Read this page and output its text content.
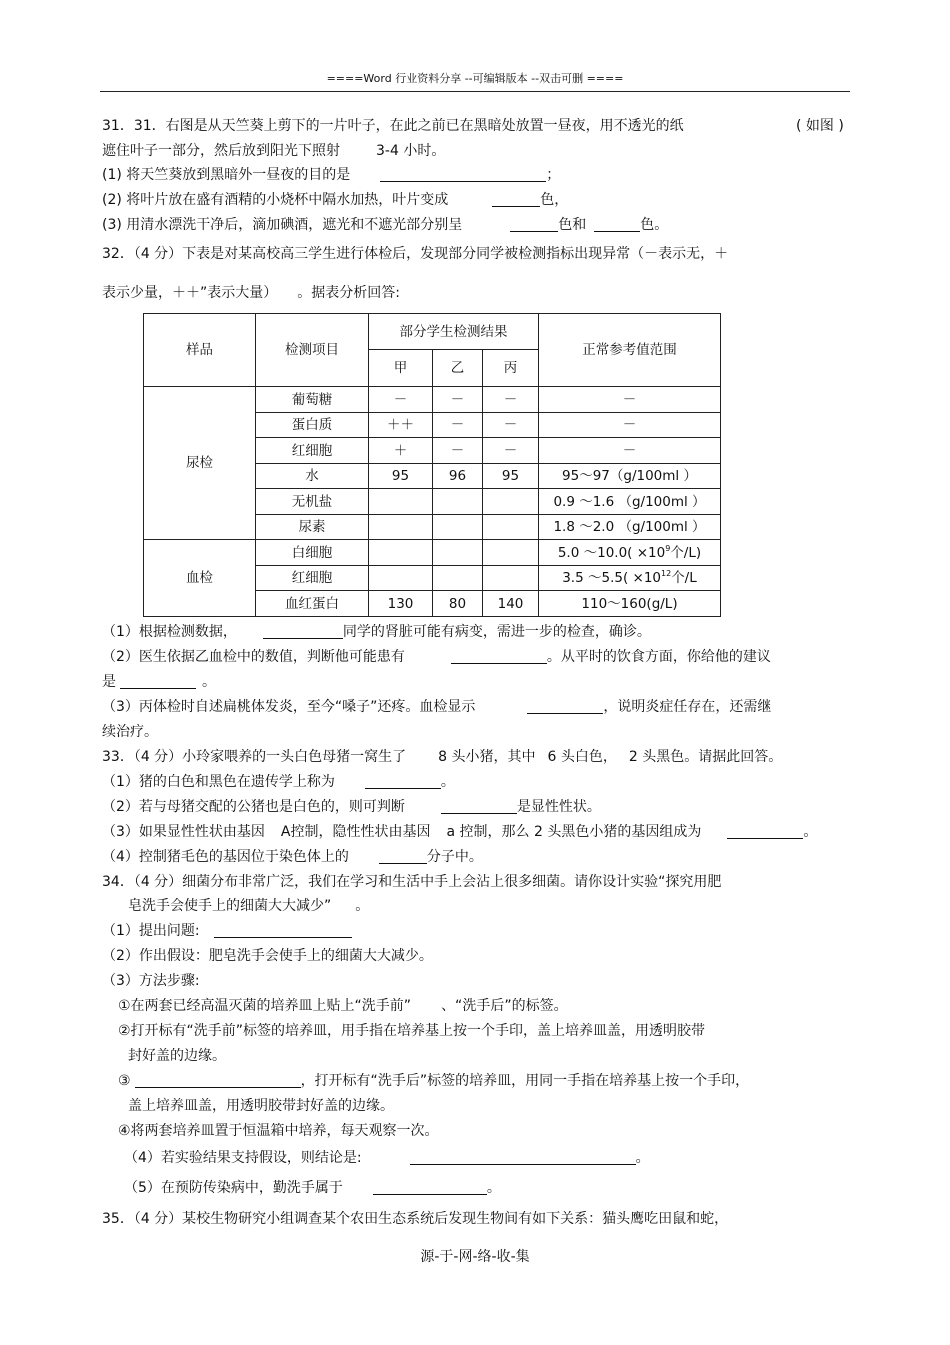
====Word 行业资料分享 --可编辑版本 --双击可删 ====
31．31．右图是从天竺葵上剪下的一片叶子，在此之前已在黑暗处放置一昼夜，用不透光的纸	( 如图 )
遮住叶子一部分，然后放到阳光下照射	3-4 小时。
(1) 将天竺葵放到黑暗外一昼夜的目的是	；
(2) 将叶片放在盛有酒精的小烧杯中隔水加热，叶片变成	色，
(3) 用清水漂洗干净后，滴加碘酒，遮光和不遮光部分别呈	色和	色。
32．（4 分）下表是对某高校高三学生进行体检后，发现部分同学被检测指标出现异常（－表示无，＋
表示少量，＋＋”表示大量） 。据表分析回答:
样品	检测项目	部分学生检测结果			正常参考值范围
		甲	乙	丙	
尿检	葡萄糖	－	－	－	－
	蛋白质	＋＋	－	－	－
	红细胞	＋	－	－	－
	水	95	96	95	95～97（g/100ml ）
	无机盐				0.9 ～1.6 （g/100ml ）
	尿素				1.8 ～2.0 （g/100ml ）
血检	白细胞				5.0 ～10.0( $\times 10^9$个/L)
	红细胞				3.5 ～5.5( $\times 10^{12}$个/L
	血红蛋白	130	80	140	110～160(g/L)
（1）根据检测数据，	同学的肾脏可能有病变，需进一步的检查，确诊。
（2）医生依据乙血检中的数值，判断他可能患有	。从平时的饮食方面，你给他的建议
是	。
（3）丙体检时自述扁桃体发炎，至今“嗓子”还疼。血检显示	，说明炎症任存在，还需继
续治疗。
33．（4 分）小玲家喂养的一头白色母猪一窝生了 8 头小猪，其中 6 头白色， 2 头黑色。请据此回答。
（1）猪的白色和黑色在遗传学上称为	。
（2）若与母猪交配的公猪也是白色的，则可判断	是显性性状。
（3）如果显性性状由基因 A控制，隐性性状由基因 a 控制，那么 2 头黑色小猪的基因组成为	。
（4）控制猪毛色的基因位于染色体上的	分子中。
34．（4 分）细菌分布非常广泛，我们在学习和生活中手上会沾上很多细菌。请你设计实验“探究用肥
皂洗手会使手上的细菌大大减少” 。
（1）提出问题:
（2）作出假设：肥皂洗手会使手上的细菌大大减少。
（3）方法步骤:
①在两套已经高温灭菌的培养皿上贴上“洗手前” 、“洗手后”的标签。
②打开标有“洗手前”标签的培养皿，用手指在培养基上按一个手印，盖上培养皿盖，用透明胶带
封好盖的边缘。
③	，打开标有“洗手后”标签的培养皿，用同一手指在培养基上按一个手印，
盖上培养皿盖，用透明胶带封好盖的边缘。
④将两套培养皿置于恒温箱中培养，每天观察一次。
（4）若实验结果支持假设，则结论是:	。
（5）在预防传染病中，勤洗手属于	。
35．（4 分）某校生物研究小组调查某个农田生态系统后发现生物间有如下关系：猫头鹰吃田鼠和蛇，
源-于-网-络-收-集
